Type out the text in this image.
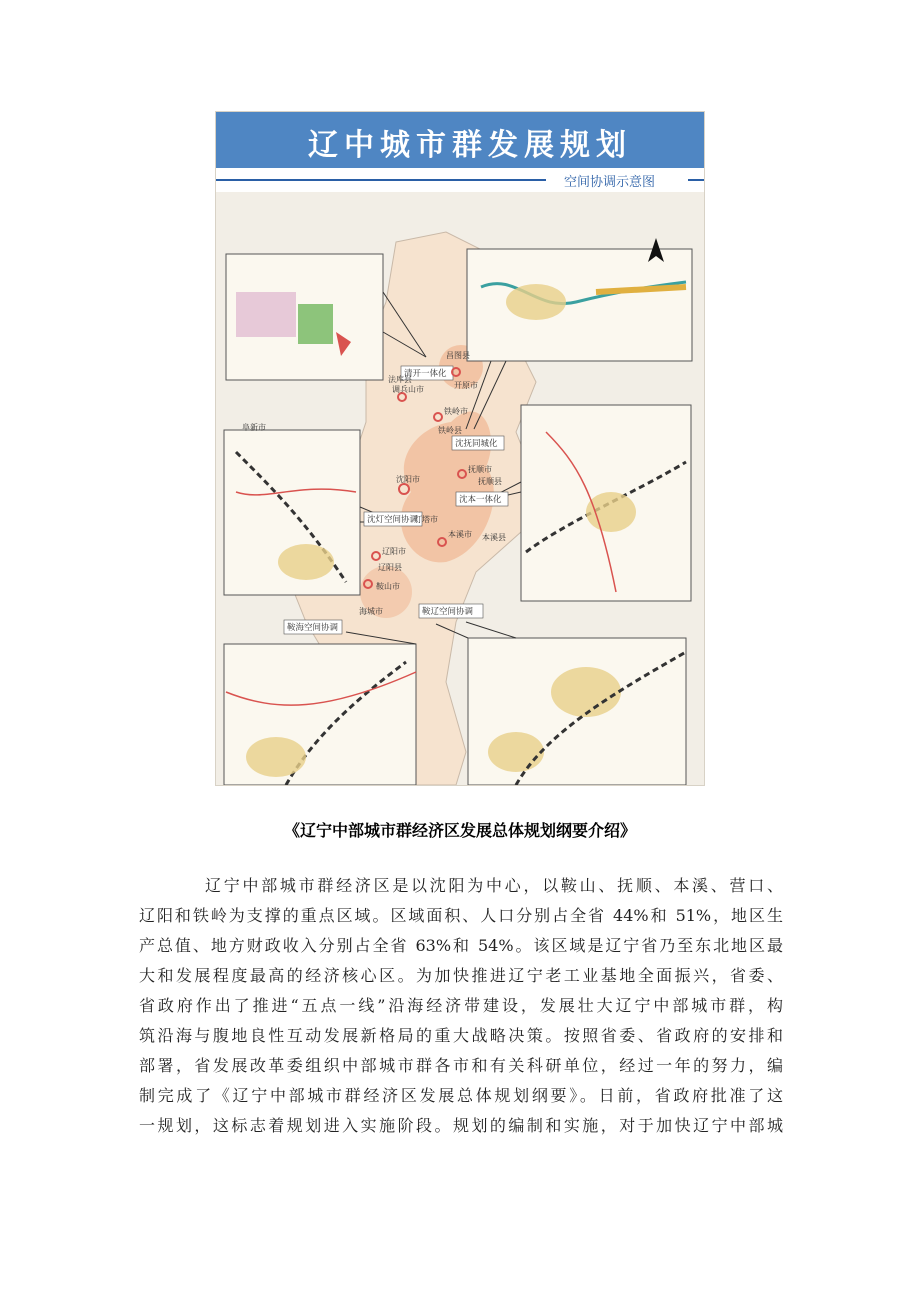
辽中城市群发展规划
空间协调示意图
清开一体化
沈抚同城化
沈本一体化
沈灯空间协调
鞍辽空间协调
鞍海空间协调
昌图县
开原市
调兵山市
铁岭市
铁岭县
法库县
抚顺市
抚顺县
沈阳市
辽阳市
鞍山市
本溪市 本溪县
灯塔市
海城市
辽阳县
阜新市
《辽宁中部城市群经济区发展总体规划纲要介绍》
辽宁中部城市群经济区是以沈阳为中心，以鞍山、抚顺、本溪、营口、
辽阳和铁岭为支撑的重点区域。区域面积、人口分别占全省 44%和 51%，地区生
产总值、地方财政收入分别占全省 63%和 54%。该区域是辽宁省乃至东北地区最
大和发展程度最高的经济核心区。为加快推进辽宁老工业基地全面振兴，省委、
省政府作出了推进“五点一线”沿海经济带建设，发展壮大辽宁中部城市群，构
筑沿海与腹地良性互动发展新格局的重大战略决策。按照省委、省政府的安排和
部署，省发展改革委组织中部城市群各市和有关科研单位，经过一年的努力，编
制完成了《辽宁中部城市群经济区发展总体规划纲要》。日前，省政府批准了这
一规划，这标志着规划进入实施阶段。规划的编制和实施，对于加快辽宁中部城
